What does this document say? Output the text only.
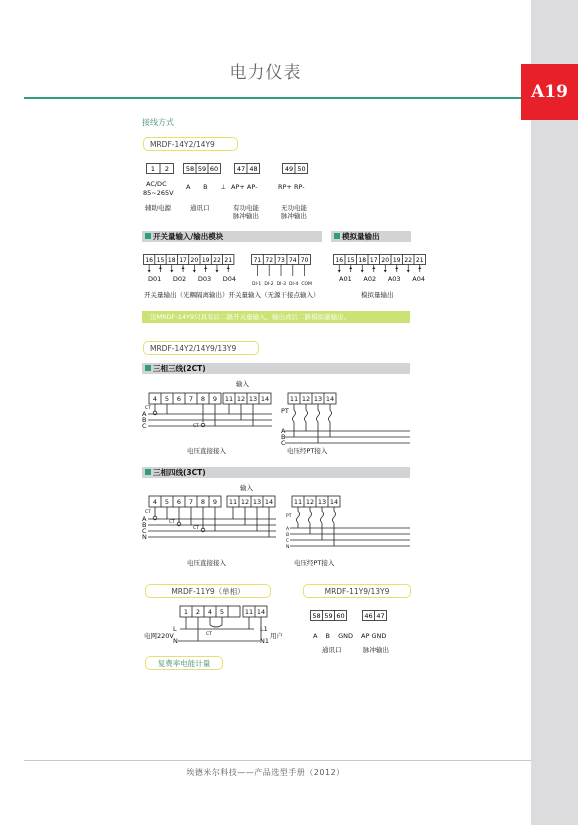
A19
电力仪表
接线方式
MRDF-14Y2/14Y9
1 2
AC/DC
85~265V
辅助电源
58 59 60
A B ⊥
通讯口
47 48
AP+ AP-
有功电能
脉冲输出
49 50
RP+ RP-
无功电能
脉冲输出
开关量输入/输出模块	模拟量输出
16 15 18 17 20 19 22 21
D01 D02 D03 D04
71 72 73 74 70
DI-1 DI-2 DI-3 DI-4 COM
16 15 18 17 20 19 22 21
A01 A02 A03 A04
开关量输出（光耦隔离输出）开关量输入（无源干接点输入）	模拟量输出
注MRDF-14Y9只具有后二路开关量输入、输出或后二路模拟量输出。
MRDF-14Y2/14Y9/13Y9
三相三线(2CT)
输入
4 5 6 7 8 9 11 12 13 14	11 12 13 14
A
B
C
A
B
C
PT
CT
CT
电压直接接入	电压经PT接入
三相四线(3CT)
输入
4 5 6 7 8 9 11 12 13 14	11 12 13 14
A
B
C
N
A
B
C
N
PT
CT
CT
CT
电压直接接入	电压经PT接入
MRDF-11Y9（单相）	MRDF-11Y9/13Y9
1 2 4 5	11 14
L
N
CT
电网220V
L1
N1
用户
复费率电能计量
58 59 60
A B GND
通讯口
46 47
AP GND
脉冲输出
埃德米尔科技——产品选型手册（2012）
